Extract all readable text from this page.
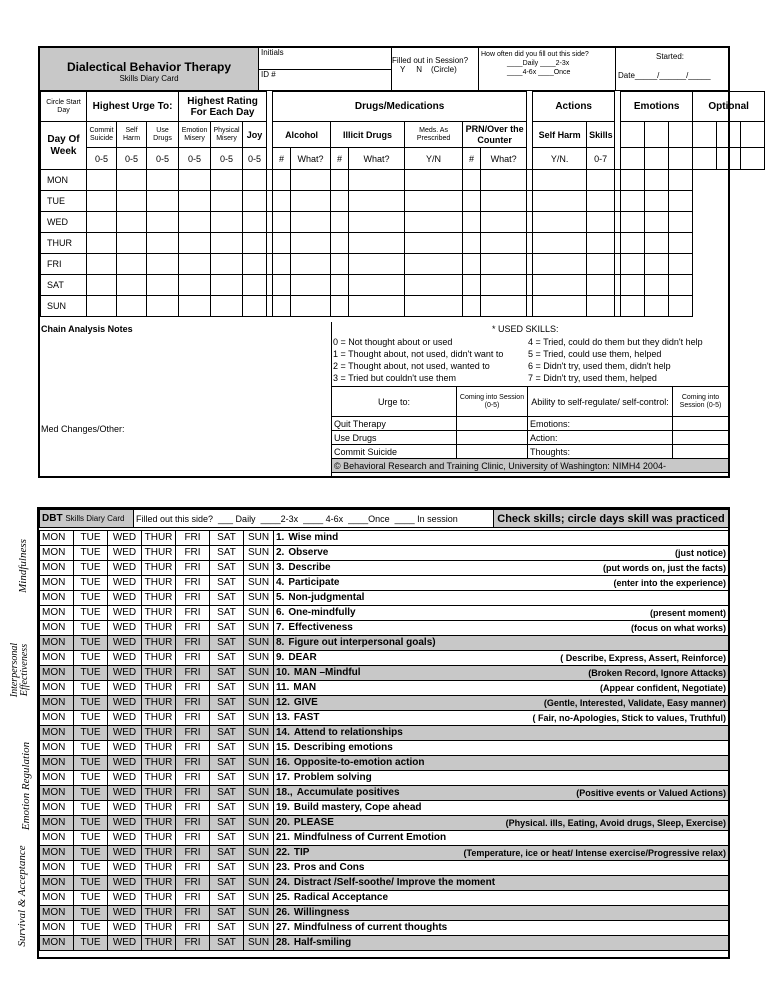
Dialectical Behavior Therapy
Skills Diary Card
Initials
ID #
Filled out in Session?
Y     N    (Circle)
How often did you fill out this side?
____Daily ____2-3x
____4-6x ____Once
Started:
Date_____/______/_____
Circle Start Day	Highest Urge To:			Highest Rating For Each Day				Drugs/Medications								Actions			Emotions			Optional		
Day Of Week	Commit Suicide	Self Harm	Use Drugs	Emotion Misery	Physical Misery	Joy		Alcohol		Illicit Drugs		Meds. As Prescribed	PRN/Over the Counter			Self Harm	Skills							
	0-5	0-5	0-5	0-5	0-5	0-5		#	What?	#	What?	Y/N	#	What?		Y/N.	0-7							
MON																								
TUE																								
WED																								
THUR																								
FRI																								
SAT																								
SUN																								
Chain Analysis Notes
Med Changes/Other:
* USED SKILLS:
0 = Not thought about or used
1 = Thought about, not used, didn't want to
2 = Thought about, not used, wanted to
3 = Tried but couldn't use them
4 = Tried, could do them but they didn't help
5 = Tried, could use them, helped
6 = Didn't try, used them, didn't help
7 = Didn't try, used them, helped
Urge to:	Coming into Session (0-5)	Ability to self-regulate/ self-control:	Coming into Session (0-5)
Quit Therapy		Emotions:	
Use Drugs		Action:	
Commit Suicide		Thoughts:	
© Behavioral Research and Training Clinic, University of Washington: NIMH4 2004-			
Mindfulness
Interpersonal Effectiveness
Emotion Regulation
Survival & Acceptance
DBT Skills Diary Card	Filled out this side?  ___ Daily  ____2-3x  ____ 4-6x  ____Once  ____ In session	Check skills; circle days skill was practiced
MON	TUE	WED	THUR	FRI	SAT	SUN	1. Wise mind
MON	TUE	WED	THUR	FRI	SAT	SUN	2. Observe (just notice)

MON	TUE	WED	THUR	FRI	SAT	SUN	3. Describe (put words on, just the facts)

MON	TUE	WED	THUR	FRI	SAT	SUN	4. Participate (enter into the experience)

MON	TUE	WED	THUR	FRI	SAT	SUN	5. Non-judgmental
MON	TUE	WED	THUR	FRI	SAT	SUN	6. One-mindfully (present moment)

MON	TUE	WED	THUR	FRI	SAT	SUN	7. Effectiveness (focus on what works)

MON	TUE	WED	THUR	FRI	SAT	SUN	8. Figure out interpersonal goals)
MON	TUE	WED	THUR	FRI	SAT	SUN	9. DEAR ( Describe, Express, Assert, Reinforce)

MON	TUE	WED	THUR	FRI	SAT	SUN	10. MAN –Mindful (Broken Record, Ignore Attacks)

MON	TUE	WED	THUR	FRI	SAT	SUN	11. MAN (Appear confident, Negotiate)

MON	TUE	WED	THUR	FRI	SAT	SUN	12. GIVE (Gentle, Interested, Validate, Easy manner)

MON	TUE	WED	THUR	FRI	SAT	SUN	13. FAST ( Fair, no-Apologies, Stick to values, Truthful)

MON	TUE	WED	THUR	FRI	SAT	SUN	14. Attend to relationships
MON	TUE	WED	THUR	FRI	SAT	SUN	15. Describing emotions
MON	TUE	WED	THUR	FRI	SAT	SUN	16. Opposite-to-emotion action
MON	TUE	WED	THUR	FRI	SAT	SUN	17. Problem solving
MON	TUE	WED	THUR	FRI	SAT	SUN	18., Accumulate positives (Positive events or Valued Actions)

MON	TUE	WED	THUR	FRI	SAT	SUN	19. Build mastery, Cope ahead
MON	TUE	WED	THUR	FRI	SAT	SUN	20. PLEASE (Physical. ills, Eating, Avoid drugs, Sleep, Exercise)

MON	TUE	WED	THUR	FRI	SAT	SUN	21. Mindfulness of Current Emotion
MON	TUE	WED	THUR	FRI	SAT	SUN	22. TIP (Temperature, ice or heat/ Intense exercise/Progressive relax)

MON	TUE	WED	THUR	FRI	SAT	SUN	23. Pros and Cons
MON	TUE	WED	THUR	FRI	SAT	SUN	24. Distract /Self-soothe/ Improve the moment
MON	TUE	WED	THUR	FRI	SAT	SUN	25. Radical Acceptance
MON	TUE	WED	THUR	FRI	SAT	SUN	26. Willingness
MON	TUE	WED	THUR	FRI	SAT	SUN	27. Mindfulness of current thoughts
MON	TUE	WED	THUR	FRI	SAT	SUN	28. Half-smiling
